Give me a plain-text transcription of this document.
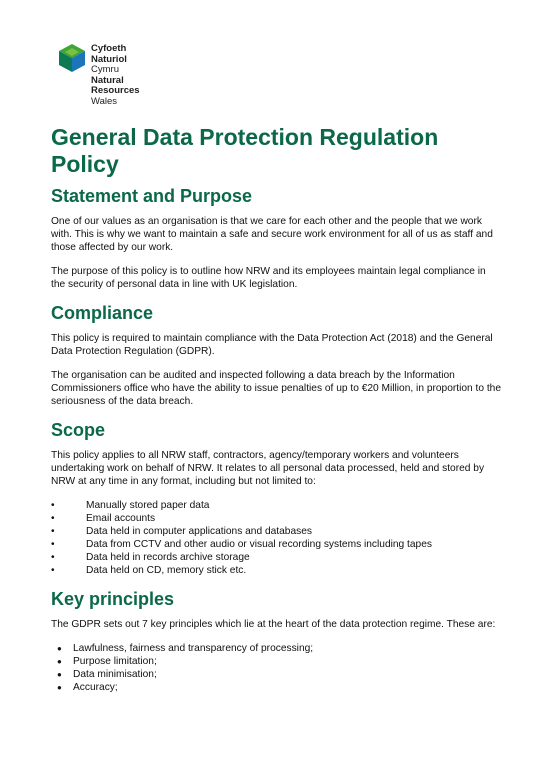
Cyfoeth
Naturiol
Cymru
Natural
Resources
Wales
General Data Protection Regulation Policy
Statement and Purpose

One of our values as an organisation is that we care for each other and the people that we work with. This is why we want to maintain a safe and secure work environment for all of us as staff and those affected by our work.

The purpose of this policy is to outline how NRW and its employees maintain legal compliance in the security of personal data in line with UK legislation.

Compliance

This policy is required to maintain compliance with the Data Protection Act (2018) and the General Data Protection Regulation (GDPR).

The organisation can be audited and inspected following a data breach by the Information Commissioners office who have the ability to issue penalties of up to €20 Million, in proportion to the seriousness of the data breach.

Scope

This policy applies to all NRW staff, contractors, agency/temporary workers and volunteers undertaking work on behalf of NRW. It relates to all personal data processed, held and stored by NRW at any time in any format, including but not limited to:

• Manually stored paper data
• Email accounts
• Data held in computer applications and databases
• Data from CCTV and other audio or visual recording systems including tapes
• Data held in records archive storage
• Data held on CD, memory stick etc.
Key principles

The GDPR sets out 7 key principles which lie at the heart of the data protection regime. These are:

● Lawfulness, fairness and transparency of processing;
● Purpose limitation;
● Data minimisation;
● Accuracy;
